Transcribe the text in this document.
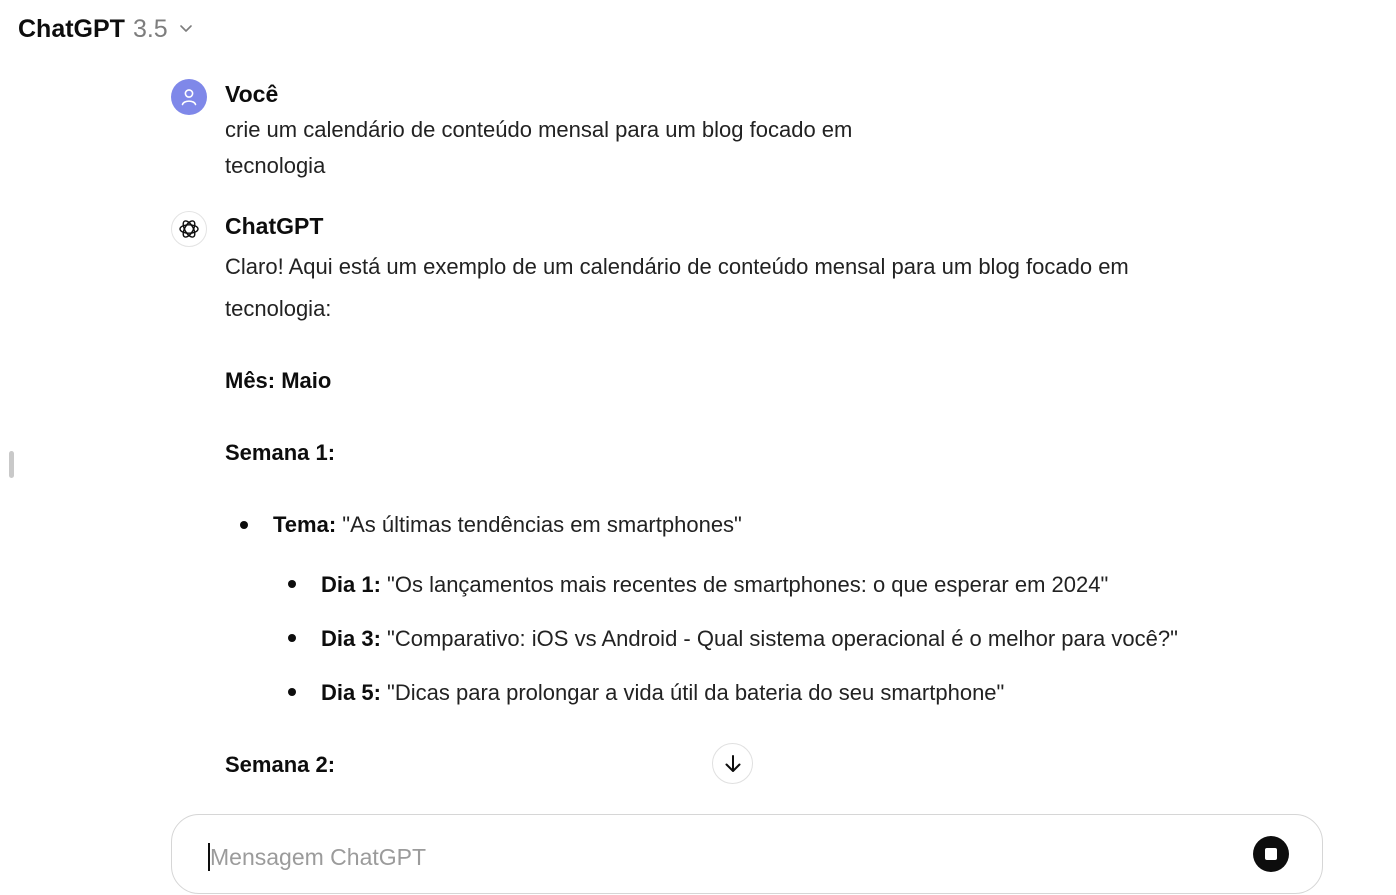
ChatGPT 3.5
Você
crie um calendário de conteúdo mensal para um blog focado em
tecnologia
ChatGPT
Claro! Aqui está um exemplo de um calendário de conteúdo mensal para um blog focado em
tecnologia:
Mês: Maio
Semana 1:
Tema: "As últimas tendências em smartphones"
Dia 1: "Os lançamentos mais recentes de smartphones: o que esperar em 2024"
Dia 3: "Comparativo: iOS vs Android - Qual sistema operacional é o melhor para você?"
Dia 5: "Dicas para prolongar a vida útil da bateria do seu smartphone"
Semana 2:
Mensagem ChatGPT
